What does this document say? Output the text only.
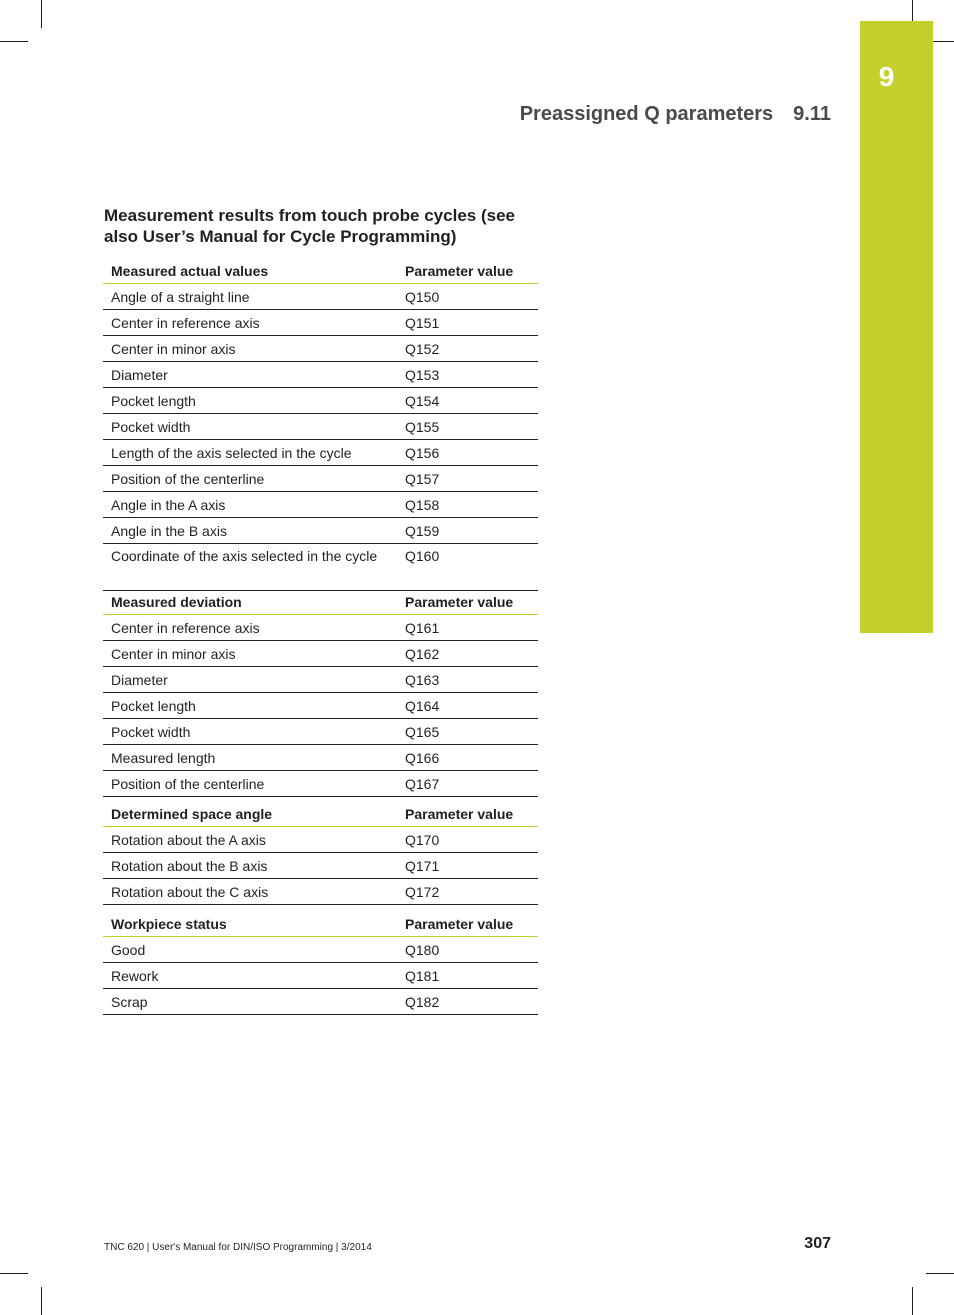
9
Preassigned Q parameters 9.11
Measurement results from touch probe cycles (see also User’s Manual for Cycle Programming)
Measured actual values	Parameter value
Angle of a straight line	Q150
Center in reference axis	Q151
Center in minor axis	Q152
Diameter	Q153
Pocket length	Q154
Pocket width	Q155
Length of the axis selected in the cycle	Q156
Position of the centerline	Q157
Angle in the A axis	Q158
Angle in the B axis	Q159
Coordinate of the axis selected in the cycle	Q160
Measured deviation	Parameter value
Center in reference axis	Q161
Center in minor axis	Q162
Diameter	Q163
Pocket length	Q164
Pocket width	Q165
Measured length	Q166
Position of the centerline	Q167
Determined space angle	Parameter value
Rotation about the A axis	Q170
Rotation about the B axis	Q171
Rotation about the C axis	Q172
Workpiece status	Parameter value
Good	Q180
Rework	Q181
Scrap	Q182
TNC 620 | User's Manual for DIN/ISO Programming | 3/2014	307
